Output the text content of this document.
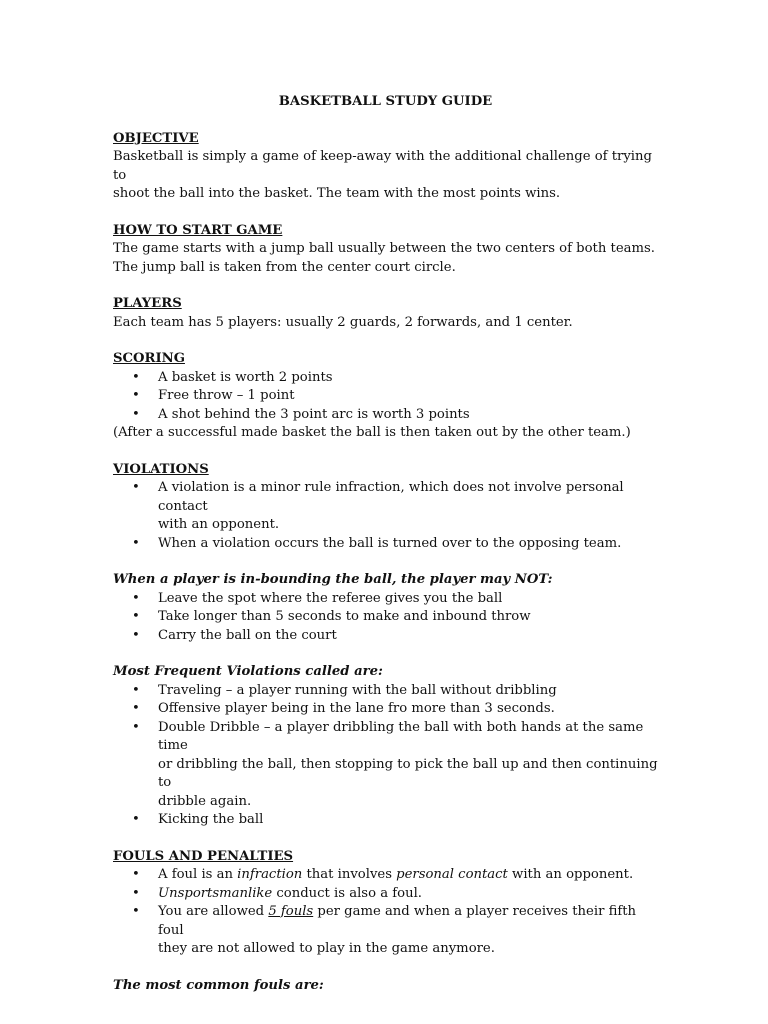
BASKETBALL STUDY GUIDE

OBJECTIVE

Basketball is simply a game of keep-away with the additional challenge of trying to

shoot the ball into the basket. The team with the most points wins.

HOW TO START GAME

The game starts with a jump ball usually between the two centers of both teams.

The jump ball is taken from the center court circle.

PLAYERS

Each team has 5 players: usually 2 guards, 2 forwards, and 1 center.

SCORING

• A basket is worth 2 points
• Free throw – 1 point
• A shot behind the 3 point arc is worth 3 points

(After a successful made basket the ball is then taken out by the other team.)

VIOLATIONS

• A violation is a minor rule infraction, which does not involve personal contact
with an opponent.
• When a violation occurs the ball is turned over to the opposing team.

When a player is in-bounding the ball, the player may NOT:

• Leave the spot where the referee gives you the ball
• Take longer than 5 seconds to make and inbound throw
• Carry the ball on the court

Most Frequent Violations called are:

• Traveling – a player running with the ball without dribbling
• Offensive player being in the lane fro more than 3 seconds.
• Double Dribble – a player dribbling the ball with both hands at the same time
or dribbling the ball, then stopping to pick the ball up and then continuing to
dribble again.
• Kicking the ball

FOULS AND PENALTIES

• A foul is an infraction that involves personal contact with an opponent.
• Unsportsmanlike conduct is also a foul.
• You are allowed 5 fouls per game and when a player receives their fifth foul
they are not allowed to play in the game anymore.

The most common fouls are:
